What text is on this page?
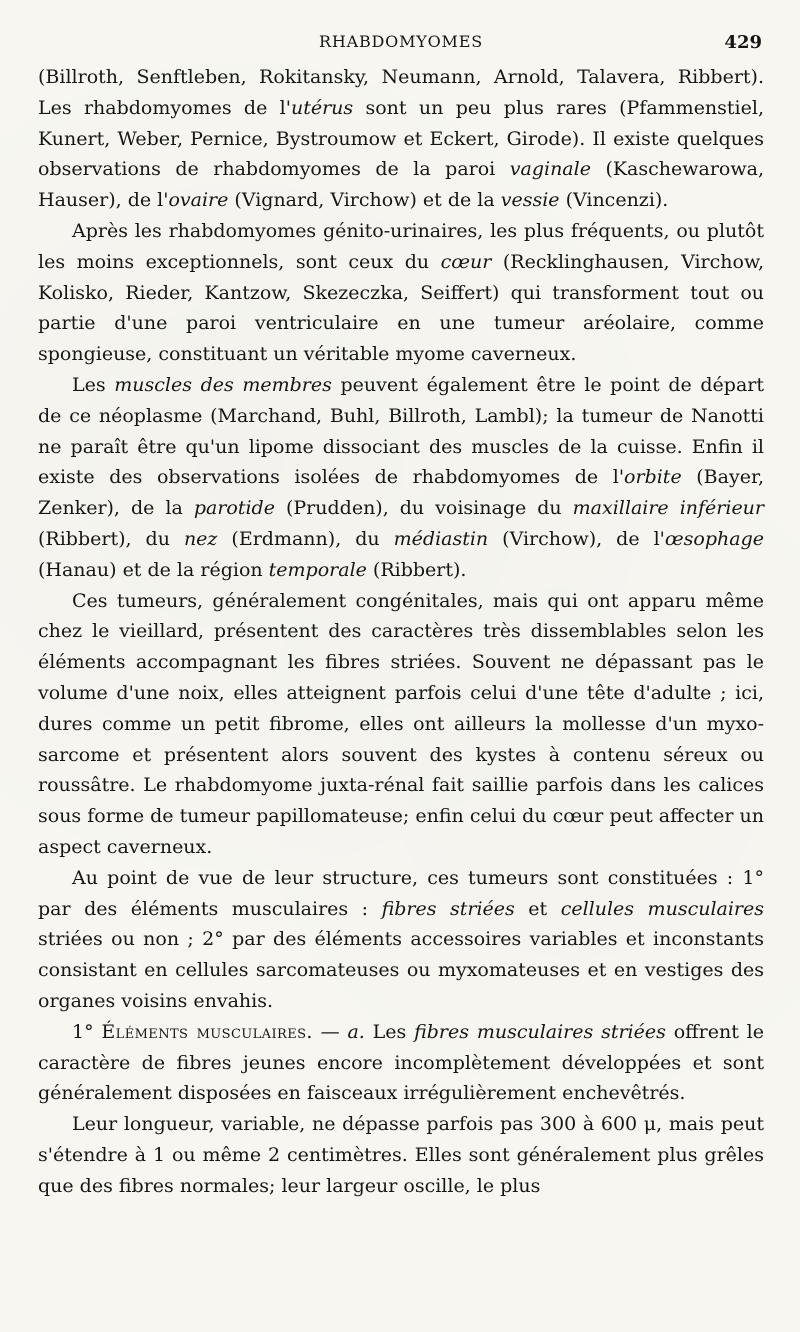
RHABDOMYOMES	429

(Billroth, Senftleben, Rokitansky, Neumann, Arnold, Talavera, Ribbert). Les rhabdomyomes de l'utérus sont un peu plus rares (Pfammenstiel, Kunert, Weber, Pernice, Bystroumow et Eckert, Girode). Il existe quelques observations de rhabdomyomes de la paroi vaginale (Kaschewarowa, Hauser), de l'ovaire (Vignard, Virchow) et de la vessie (Vincenzi).

Après les rhabdomyomes génito-urinaires, les plus fréquents, ou plutôt les moins exceptionnels, sont ceux du cœur (Recklinghausen, Virchow, Kolisko, Rieder, Kantzow, Skezeczka, Seiffert) qui transforment tout ou partie d'une paroi ventriculaire en une tumeur aréolaire, comme spongieuse, constituant un véritable myome caverneux.

Les muscles des membres peuvent également être le point de départ de ce néoplasme (Marchand, Buhl, Billroth, Lambl); la tumeur de Nanotti ne paraît être qu'un lipome dissociant des muscles de la cuisse. Enfin il existe des observations isolées de rhabdomyomes de l'orbite (Bayer, Zenker), de la parotide (Prudden), du voisinage du maxillaire inférieur (Ribbert), du nez (Erdmann), du médiastin (Virchow), de l'œsophage (Hanau) et de la région temporale (Ribbert).

Ces tumeurs, généralement congénitales, mais qui ont apparu même chez le vieillard, présentent des caractères très dissemblables selon les éléments accompagnant les fibres striées. Souvent ne dépassant pas le volume d'une noix, elles atteignent parfois celui d'une tête d'adulte ; ici, dures comme un petit fibrome, elles ont ailleurs la mollesse d'un myxo-sarcome et présentent alors souvent des kystes à contenu séreux ou roussâtre. Le rhabdomyome juxta-rénal fait saillie parfois dans les calices sous forme de tumeur papillomateuse; enfin celui du cœur peut affecter un aspect caverneux.

Au point de vue de leur structure, ces tumeurs sont constituées : 1° par des éléments musculaires : fibres striées et cellules musculaires striées ou non ; 2° par des éléments accessoires variables et inconstants consistant en cellules sarcomateuses ou myxomateuses et en vestiges des organes voisins envahis.

1° Éléments musculaires. — a. Les fibres musculaires striées offrent le caractère de fibres jeunes encore incomplètement développées et sont généralement disposées en faisceaux irrégulièrement enchevêtrés.

Leur longueur, variable, ne dépasse parfois pas 300 à 600 μ, mais peut s'étendre à 1 ou même 2 centimètres. Elles sont généralement plus grêles que des fibres normales; leur largeur oscille, le plus
